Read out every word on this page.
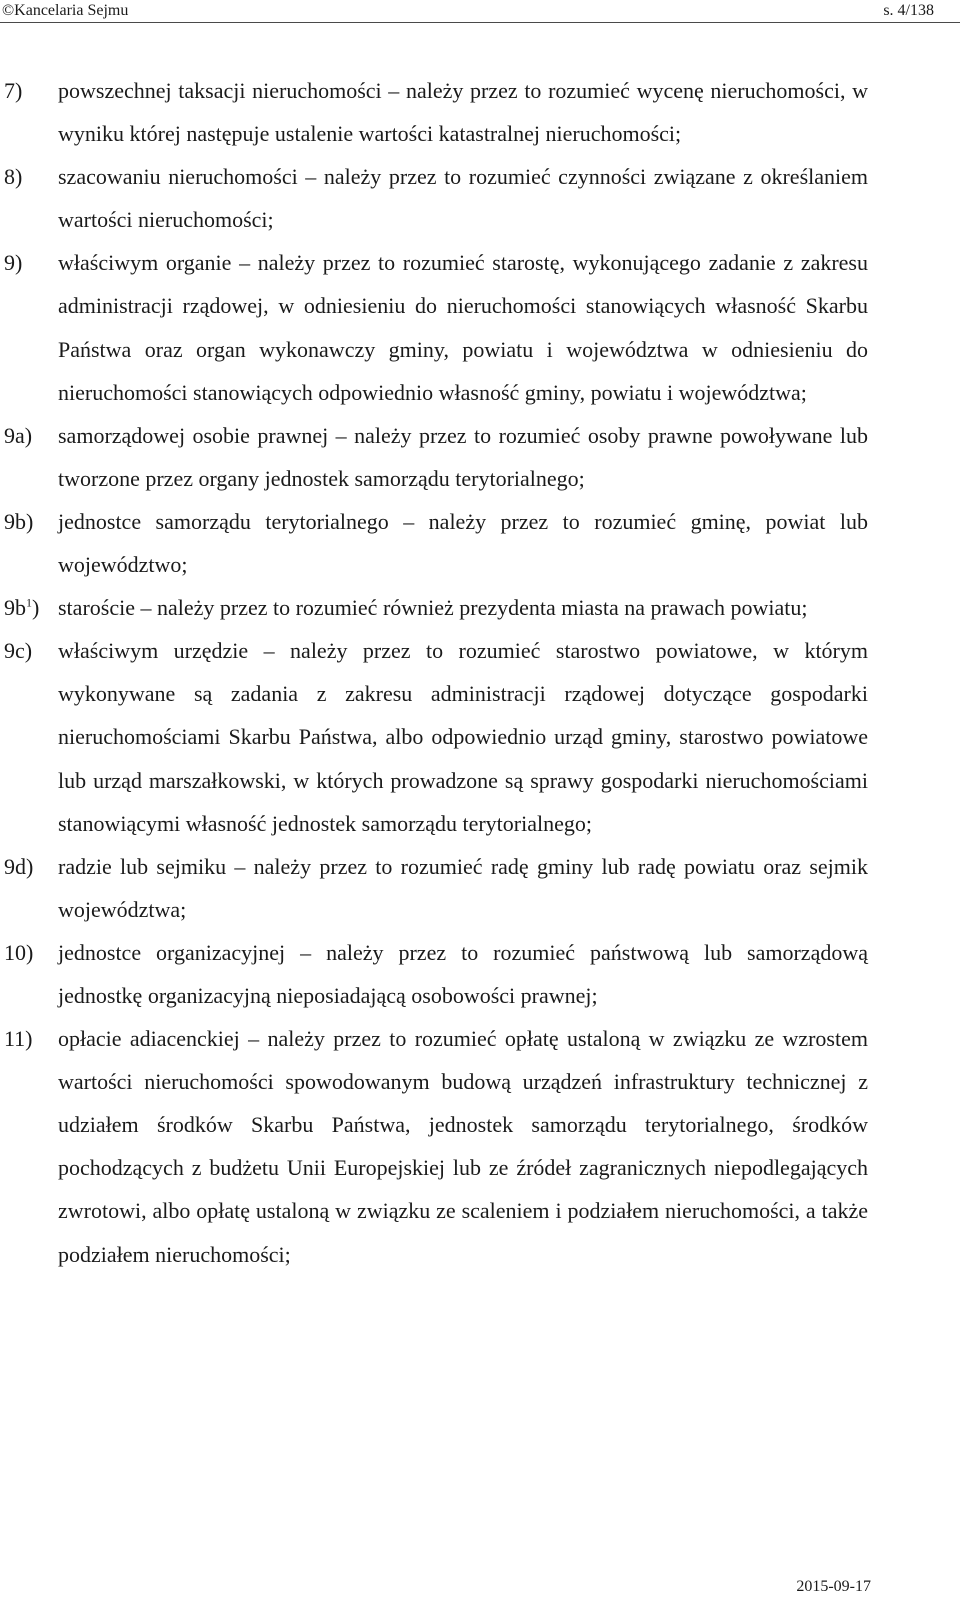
©Kancelaria Sejmu	s. 4/138
7) powszechnej taksacji nieruchomości – należy przez to rozumieć wycenę nieruchomości, w wyniku której następuje ustalenie wartości katastralnej nieruchomości;
8) szacowaniu nieruchomości – należy przez to rozumieć czynności związane z określaniem wartości nieruchomości;
9) właściwym organie – należy przez to rozumieć starostę, wykonującego zadanie z zakresu administracji rządowej, w odniesieniu do nieruchomości stanowiących własność Skarbu Państwa oraz organ wykonawczy gminy, powiatu i województwa w odniesieniu do nieruchomości stanowiących odpowiednio własność gminy, powiatu i województwa;
9a) samorządowej osobie prawnej – należy przez to rozumieć osoby prawne powoływane lub tworzone przez organy jednostek samorządu terytorialnego;
9b) jednostce samorządu terytorialnego – należy przez to rozumieć gminę, powiat lub województwo;
$9b^1$) staroście – należy przez to rozumieć również prezydenta miasta na prawach powiatu;
9c) właściwym urzędzie – należy przez to rozumieć starostwo powiatowe, w którym wykonywane są zadania z zakresu administracji rządowej dotyczące gospodarki nieruchomościami Skarbu Państwa, albo odpowiednio urząd gminy, starostwo powiatowe lub urząd marszałkowski, w których prowadzone są sprawy gospodarki nieruchomościami stanowiącymi własność jednostek samorządu terytorialnego;
9d) radzie lub sejmiku – należy przez to rozumieć radę gminy lub radę powiatu oraz sejmik województwa;
10) jednostce organizacyjnej – należy przez to rozumieć państwową lub samorządową jednostkę organizacyjną nieposiadającą osobowości prawnej;
11) opłacie adiacenckiej – należy przez to rozumieć opłatę ustaloną w związku ze wzrostem wartości nieruchomości spowodowanym budową urządzeń infrastruktury technicznej z udziałem środków Skarbu Państwa, jednostek samorządu terytorialnego, środków pochodzących z budżetu Unii Europejskiej lub ze źródeł zagranicznych niepodlegających zwrotowi, albo opłatę ustaloną w związku ze scaleniem i podziałem nieruchomości, a także podziałem nieruchomości;
2015-09-17
